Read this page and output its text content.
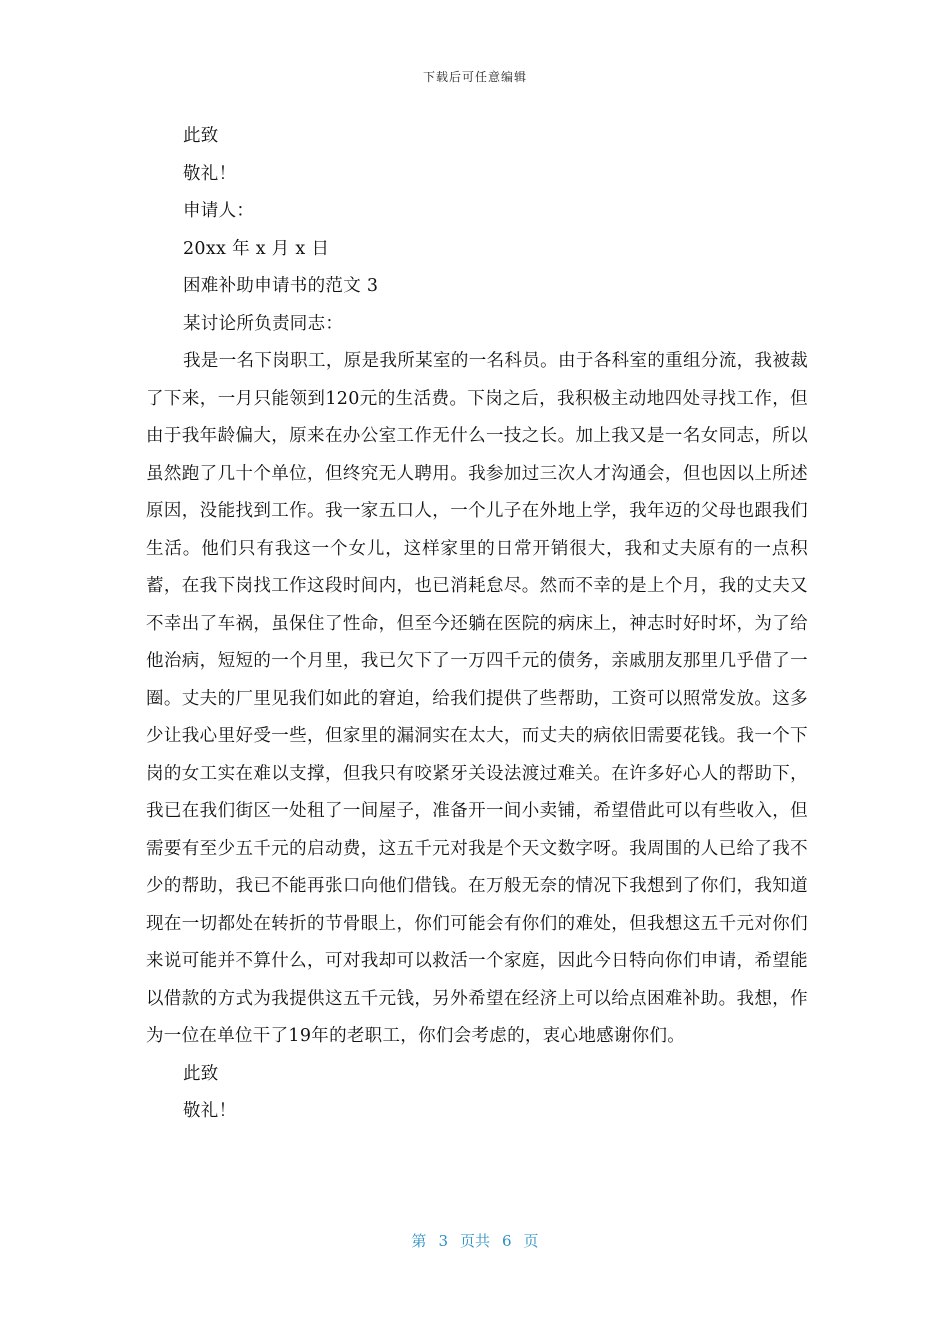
下载后可任意编辑
此致
敬礼！
申请人：
20xx 年 x 月 x 日
困难补助申请书的范文 3
某讨论所负责同志：
我是一名下岗职工，原是我所某室的一名科员。由于各科室的重组分流，我被裁了下来，一月只能领到120元的生活费。下岗之后，我积极主动地四处寻找工作，但由于我年龄偏大，原来在办公室工作无什么一技之长。加上我又是一名女同志，所以虽然跑了几十个单位，但终究无人聘用。我参加过三次人才沟通会，但也因以上所述原因，没能找到工作。我一家五口人，一个儿子在外地上学，我年迈的父母也跟我们生活。他们只有我这一个女儿，这样家里的日常开销很大，我和丈夫原有的一点积蓄，在我下岗找工作这段时间内，也已消耗怠尽。然而不幸的是上个月，我的丈夫又不幸出了车祸，虽保住了性命，但至今还躺在医院的病床上，神志时好时坏，为了给他治病，短短的一个月里，我已欠下了一万四千元的债务，亲戚朋友那里几乎借了一圈。丈夫的厂里见我们如此的窘迫，给我们提供了些帮助，工资可以照常发放。这多少让我心里好受一些，但家里的漏洞实在太大，而丈夫的病依旧需要花钱。我一个下岗的女工实在难以支撑，但我只有咬紧牙关设法渡过难关。在许多好心人的帮助下，我已在我们街区一处租了一间屋子，准备开一间小卖铺，希望借此可以有些收入，但需要有至少五千元的启动费，这五千元对我是个天文数字呀。我周围的人已给了我不少的帮助，我已不能再张口向他们借钱。在万般无奈的情况下我想到了你们，我知道现在一切都处在转折的节骨眼上，你们可能会有你们的难处，但我想这五千元对你们来说可能并不算什么，可对我却可以救活一个家庭，因此今日特向你们申请，希望能以借款的方式为我提供这五千元钱，另外希望在经济上可以给点困难补助。我想，作为一位在单位干了19年的老职工，你们会考虑的，衷心地感谢你们。
此致
敬礼！
第 3 页共 6 页
